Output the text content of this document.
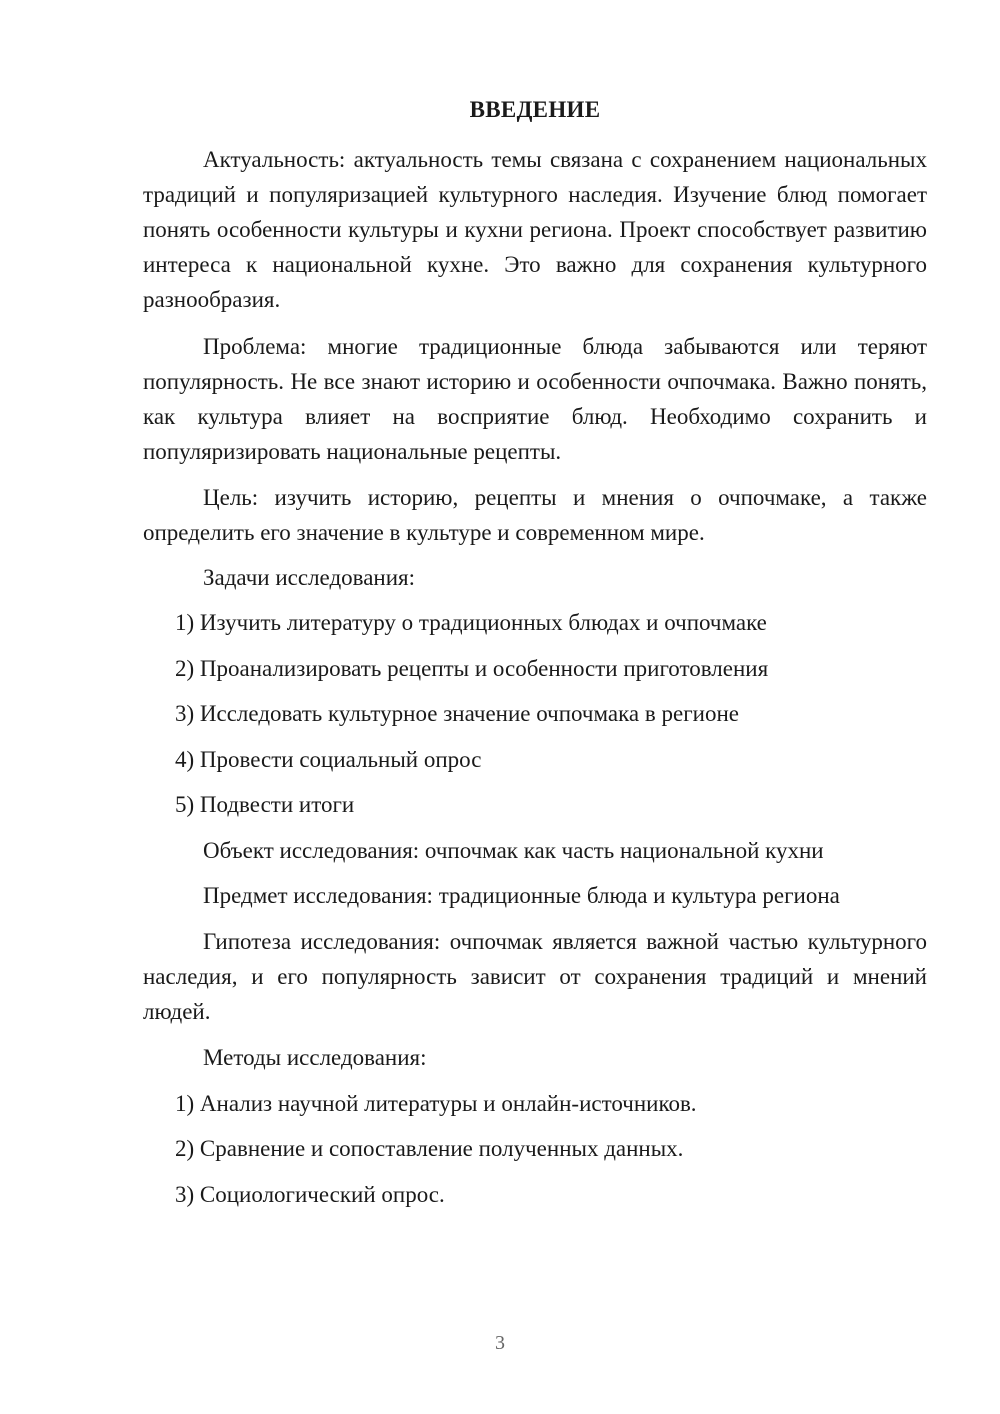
ВВЕДЕНИЕ

Актуальность: актуальность темы связана с сохранением национальных традиций и популяризацией культурного наследия. Изучение блюд помогает понять особенности культуры и кухни региона. Проект способствует развитию интереса к национальной кухне. Это важно для сохранения культурного разнообразия.

Проблема: многие традиционные блюда забываются или теряют популярность. Не все знают историю и особенности очпочмака. Важно понять, как культура влияет на восприятие блюд. Необходимо сохранить и популяризировать национальные рецепты.

Цель: изучить историю, рецепты и мнения о очпочмаке, а также определить его значение в культуре и современном мире.

Задачи исследования:

1) Изучить литературу о традиционных блюдах и очпочмаке

2) Проанализировать рецепты и особенности приготовления

3) Исследовать культурное значение очпочмака в регионе

4) Провести социальный опрос

5) Подвести итоги

Объект исследования: очпочмак как часть национальной кухни

Предмет исследования: традиционные блюда и культура региона

Гипотеза исследования: очпочмак является важной частью культурного наследия, и его популярность зависит от сохранения традиций и мнений людей.

Методы исследования:

1) Анализ научной литературы и онлайн-источников.

2) Сравнение и сопоставление полученных данных.

3) Социологический опрос.

3
